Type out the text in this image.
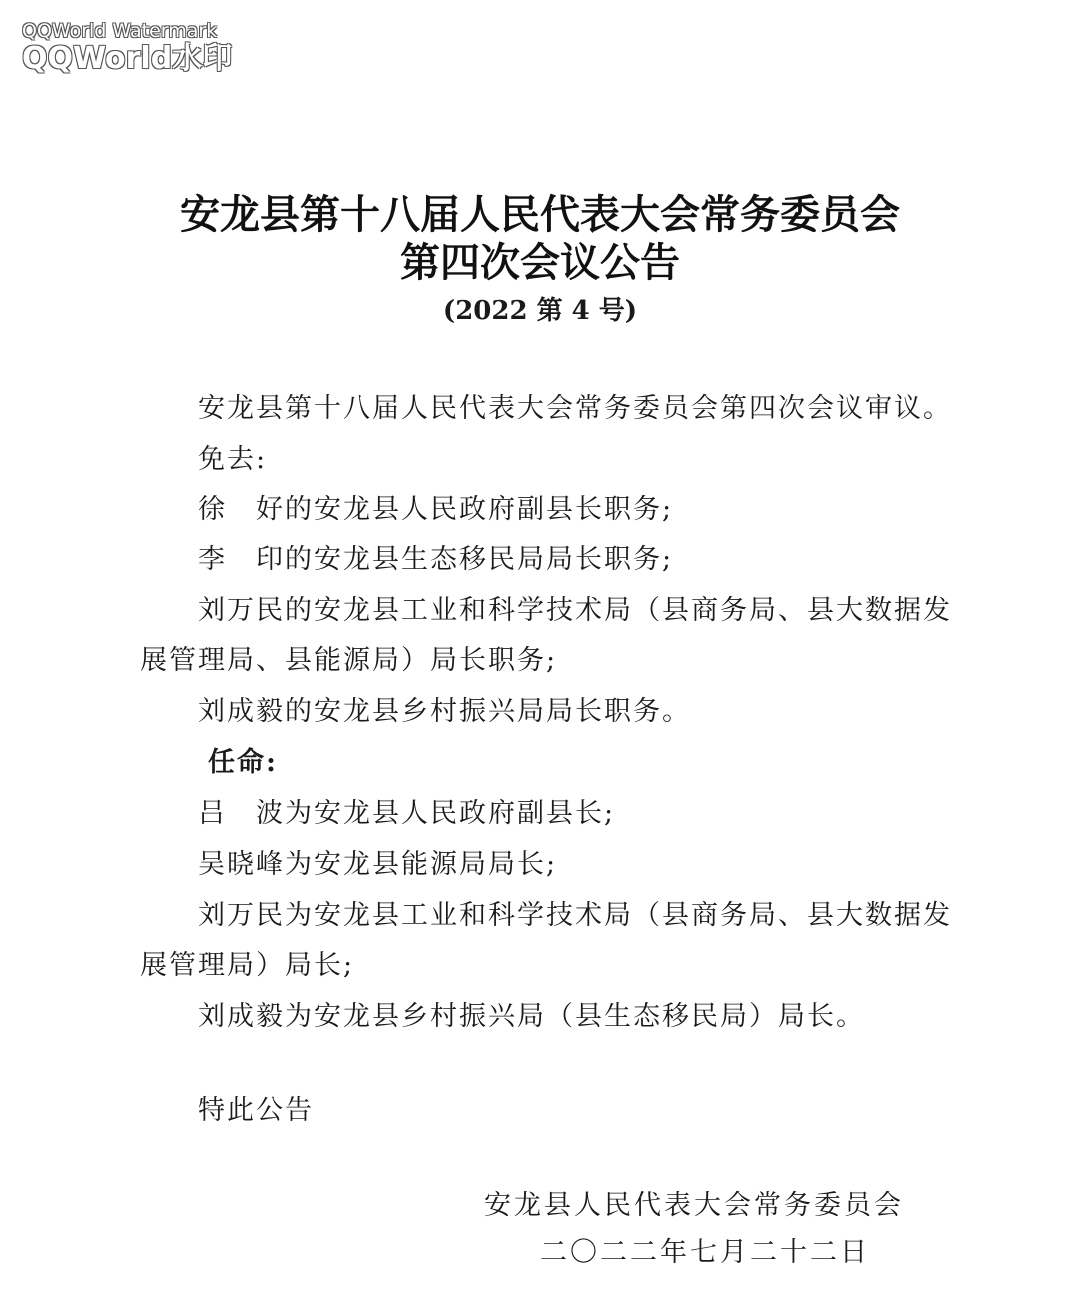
QQWorld Watermark
QQWorld水印
安龙县第十八届人民代表大会常务委员会
第四次会议公告
(2022 第 4 号)
安龙县第十八届人民代表大会常务委员会第四次会议审议。
免去:
徐　好的安龙县人民政府副县长职务;
李　印的安龙县生态移民局局长职务;
刘万民的安龙县工业和科学技术局（县商务局、县大数据发
展管理局、县能源局）局长职务;
刘成毅的安龙县乡村振兴局局长职务。
任命:
吕　波为安龙县人民政府副县长;
吴晓峰为安龙县能源局局长;
刘万民为安龙县工业和科学技术局（县商务局、县大数据发
展管理局）局长;
刘成毅为安龙县乡村振兴局（县生态移民局）局长。
特此公告
安龙县人民代表大会常务委员会
二〇二二年七月二十二日
